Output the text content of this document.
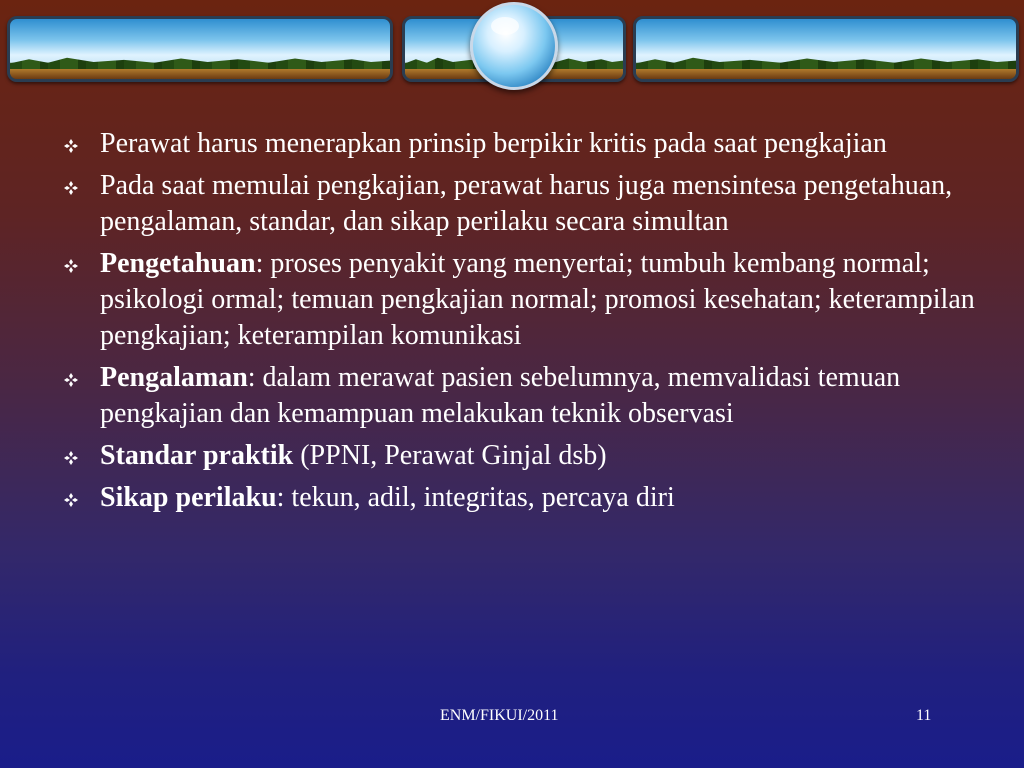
Perawat harus menerapkan prinsip berpikir kritis pada saat pengkajian
Pada saat memulai pengkajian, perawat harus juga mensintesa pengetahuan, pengalaman, standar, dan sikap perilaku secara simultan
Pengetahuan: proses penyakit yang menyertai; tumbuh kembang normal; psikologi ormal; temuan pengkajian normal; promosi kesehatan; keterampilan pengkajian; keterampilan komunikasi
Pengalaman: dalam merawat pasien sebelumnya, memvalidasi temuan pengkajian dan kemampuan melakukan teknik observasi
Standar praktik (PPNI, Perawat Ginjal dsb)
Sikap perilaku: tekun, adil, integritas, percaya diri
ENM/FIKUI/2011	11
